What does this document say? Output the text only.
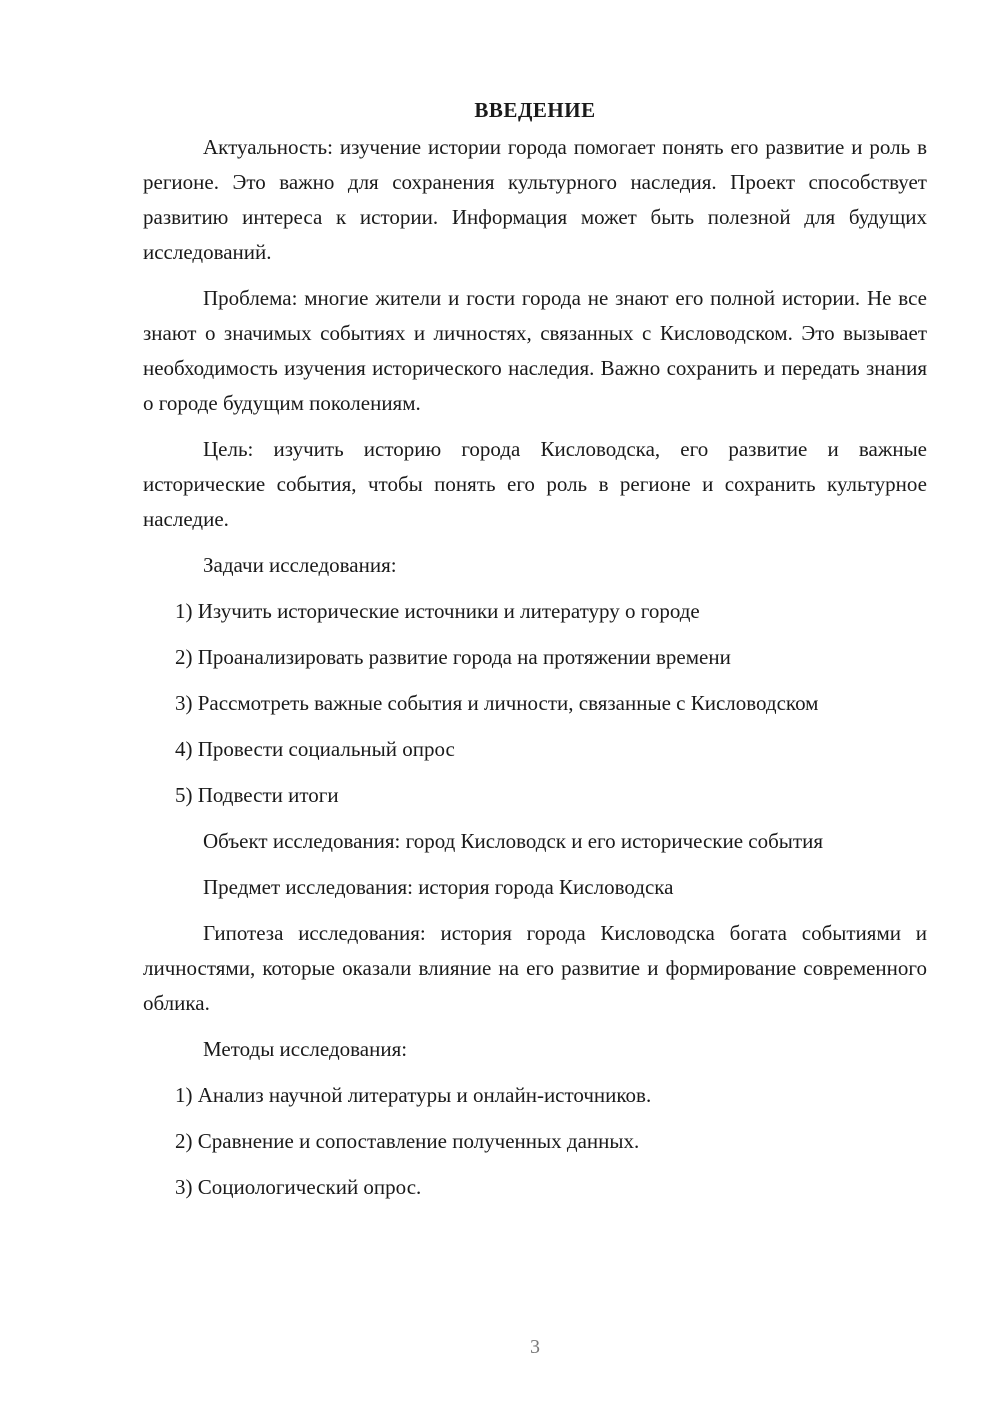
ВВЕДЕНИЕ

Актуальность: изучение истории города помогает понять его развитие и роль в регионе. Это важно для сохранения культурного наследия. Проект способствует развитию интереса к истории. Информация может быть полезной для будущих исследований.

Проблема: многие жители и гости города не знают его полной истории. Не все знают о значимых событиях и личностях, связанных с Кисловодском. Это вызывает необходимость изучения исторического наследия. Важно сохранить и передать знания о городе будущим поколениям.

Цель: изучить историю города Кисловодска, его развитие и важные исторические события, чтобы понять его роль в регионе и сохранить культурное наследие.

Задачи исследования:

1) Изучить исторические источники и литературу о городе

2) Проанализировать развитие города на протяжении времени

3) Рассмотреть важные события и личности, связанные с Кисловодском

4) Провести социальный опрос

5) Подвести итоги

Объект исследования: город Кисловодск и его исторические события

Предмет исследования: история города Кисловодска

Гипотеза исследования: история города Кисловодска богата событиями и личностями, которые оказали влияние на его развитие и формирование современного облика.

Методы исследования:

1) Анализ научной литературы и онлайн-источников.

2) Сравнение и сопоставление полученных данных.

3) Социологический опрос.

3
